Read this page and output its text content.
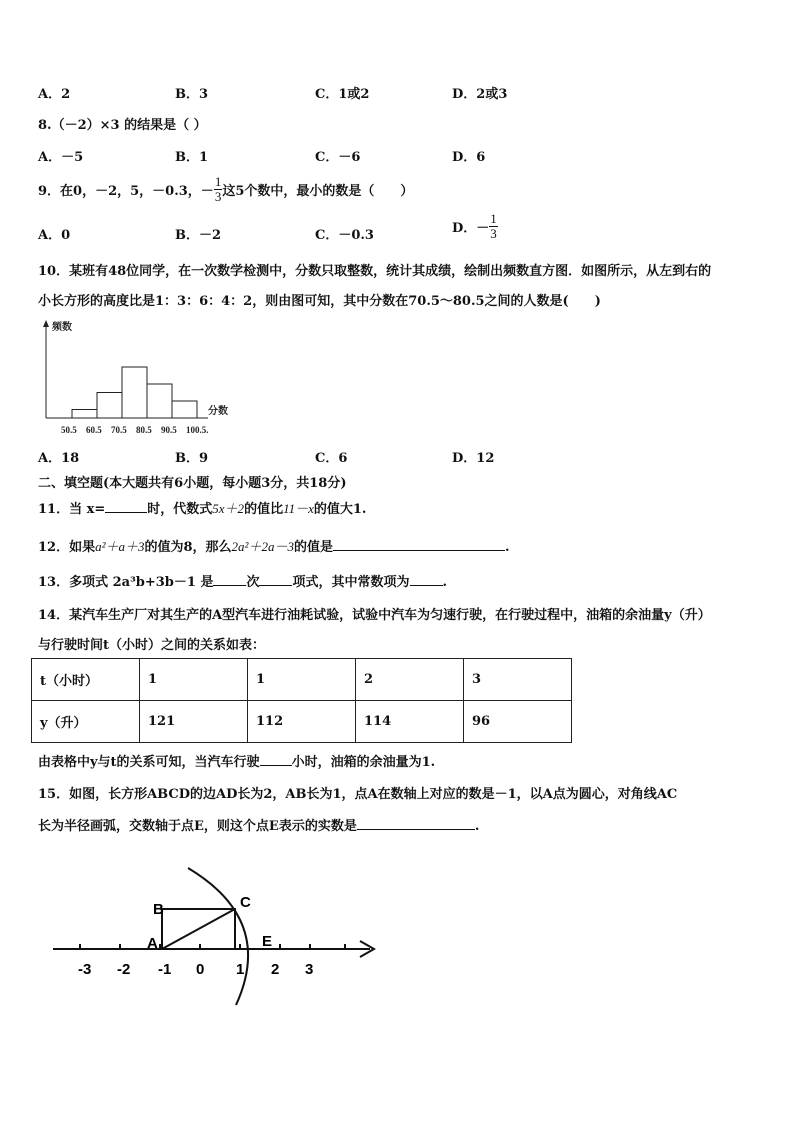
A．2	B．3	C．1或2	D．2或3
8.（－2）×3 的结果是（ ）
A．－5	B．1	C．－6	D．6
9．在0，－2，5，－0.3，－ $\frac{1}{3}$ 这5个数中，最小的数是（　　）
A．0	B．－2	C．－0.3	D．－ $\frac{1}{3}$
10．某班有48位同学，在一次数学检测中，分数只取整数，统计其成绩，绘制出频数直方图．如图所示，从左到右的
小长方形的高度比是1：3：6：4：2，则由图可知，其中分数在70.5～80.5之间的人数是(　　)
频数
分数
50.5 60.5 70.5 80.5 90.5 100.5.
A．18	B．9	C．6	D．12
二、填空题(本大题共有6小题，每小题3分，共18分)
11．当 x=	时，代数式5x＋2的值比11－x的值大1.
12．如果a²＋a＋3的值为8，那么2a²＋2a－3的值是	.
13．多项式 2a³b+3b－1 是	次	项式，其中常数项为	.
14．某汽车生产厂对其生产的A型汽车进行油耗试验，试验中汽车为匀速行驶，在行驶过程中，油箱的余油量y（升）
与行驶时间t（小时）之间的关系如表：
t（小时）	1	1	2	3
y（升）	121	112	114	96
由表格中y与t的关系可知，当汽车行驶 小时，油箱的余油量为1.
15．如图，长方形ABCD的边AD长为2，AB长为1，点A在数轴上对应的数是－1，以A点为圆心，对角线AC
长为半径画弧，交数轴于点E，则这个点E表示的实数是	.
B	C
A	E
-3 -2 -1 0 1 2 3
